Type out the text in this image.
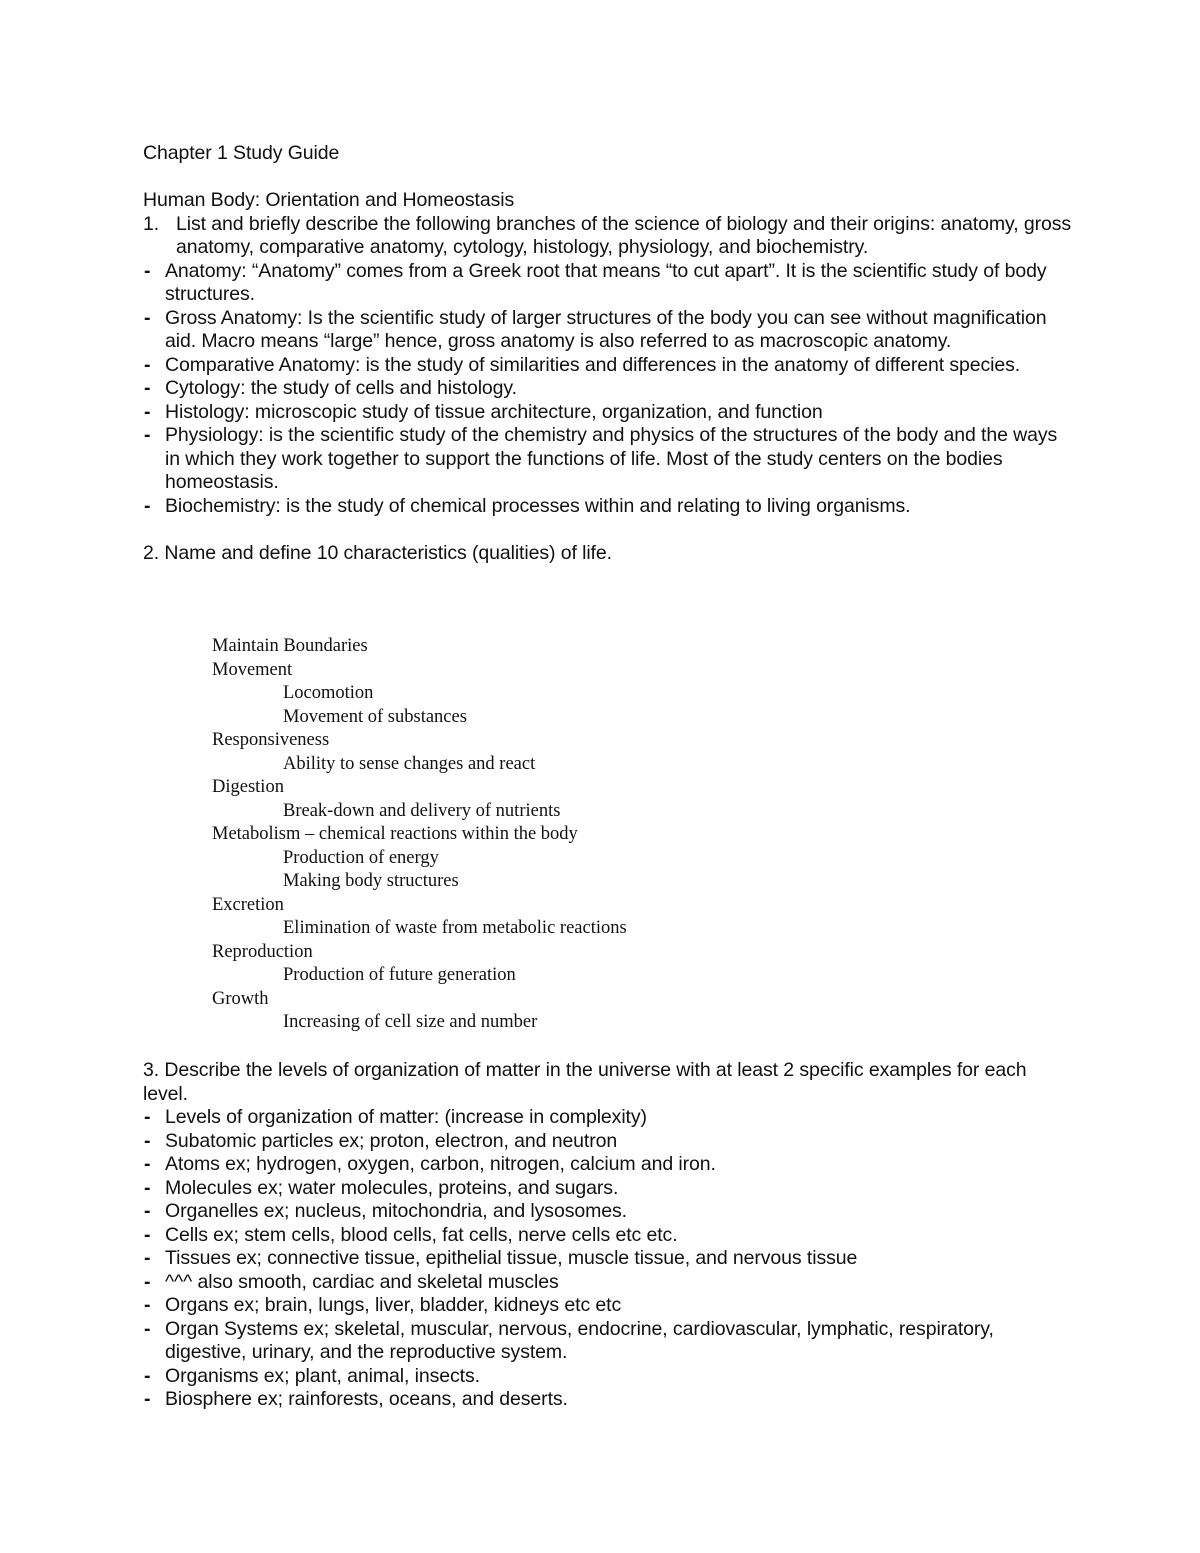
Chapter 1 Study Guide
Human Body: Orientation and Homeostasis
1. List and briefly describe the following branches of the science of biology and their origins: anatomy, gross anatomy, comparative anatomy, cytology, histology, physiology, and biochemistry.
- Anatomy: “Anatomy” comes from a Greek root that means “to cut apart”. It is the scientific study of body structures.
- Gross Anatomy: Is the scientific study of larger structures of the body you can see without magnification aid. Macro means “large” hence, gross anatomy is also referred to as macroscopic anatomy.
- Comparative Anatomy: is the study of similarities and differences in the anatomy of different species.
- Cytology: the study of cells and histology.
- Histology: microscopic study of tissue architecture, organization, and function
- Physiology: is the scientific study of the chemistry and physics of the structures of the body and the ways in which they work together to support the functions of life. Most of the study centers on the bodies homeostasis.
- Biochemistry: is the study of chemical processes within and relating to living organisms.
2. Name and define 10 characteristics (qualities) of life.
Maintain Boundaries
Movement
Locomotion
Movement of substances
Responsiveness
Ability to sense changes and react
Digestion
Break-down and delivery of nutrients
Metabolism – chemical reactions within the body
Production of energy
Making body structures
Excretion
Elimination of waste from metabolic reactions
Reproduction
Production of future generation
Growth
Increasing of cell size and number
3. Describe the levels of organization of matter in the universe with at least 2 specific examples for each level.
- Levels of organization of matter: (increase in complexity)
- Subatomic particles ex; proton, electron, and neutron
- Atoms ex; hydrogen, oxygen, carbon, nitrogen, calcium and iron.
- Molecules ex; water molecules, proteins, and sugars.
- Organelles ex; nucleus, mitochondria, and lysosomes.
- Cells ex; stem cells, blood cells, fat cells, nerve cells etc etc.
- Tissues ex; connective tissue, epithelial tissue, muscle tissue, and nervous tissue
- ^^^ also smooth, cardiac and skeletal muscles
- Organs ex; brain, lungs, liver, bladder, kidneys etc etc
- Organ Systems ex; skeletal, muscular, nervous, endocrine, cardiovascular, lymphatic, respiratory, digestive, urinary, and the reproductive system.
- Organisms ex; plant, animal, insects.
- Biosphere ex; rainforests, oceans, and deserts.
